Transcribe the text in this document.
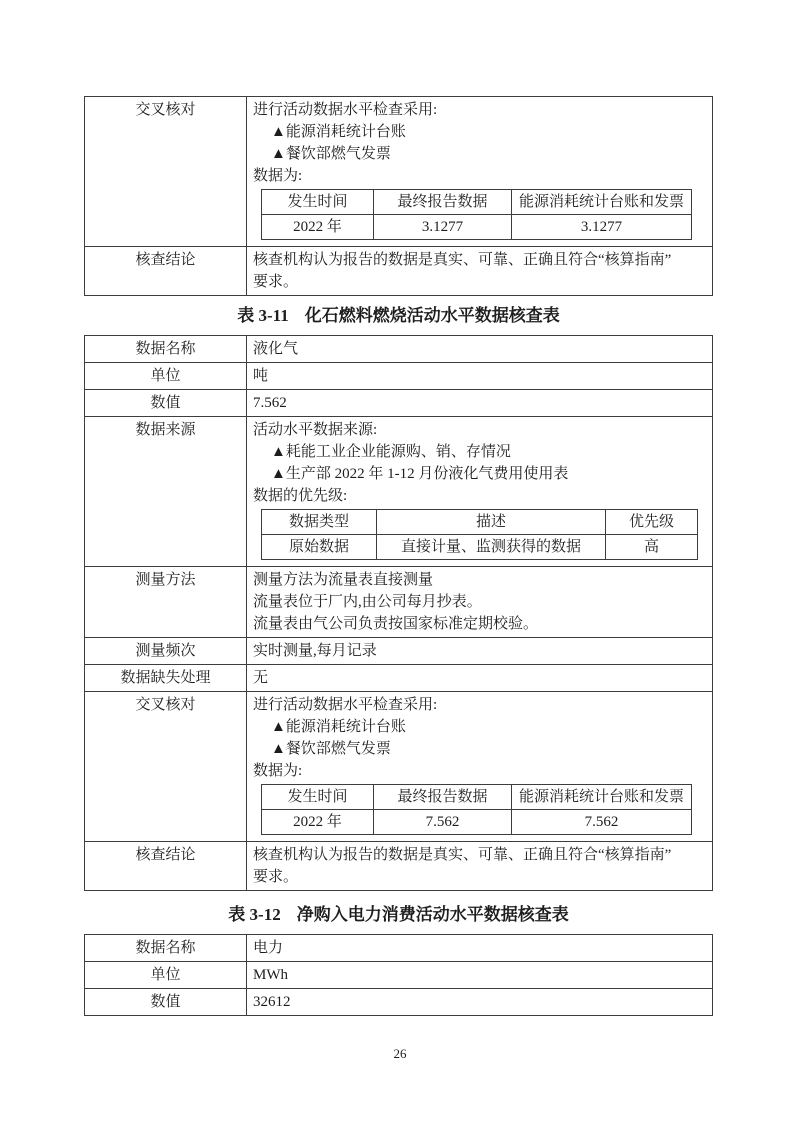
交叉核对	进行活动数据水平检查采用:
▲能源消耗统计台账
▲餐饮部燃气发票
数据为:
发生时间	最终报告数据	能源消耗统计台账和发票
2022 年	3.1277	3.1277

核查结论	核查机构认为报告的数据是真实、可靠、正确且符合“核算指南”
要求。
表 3-11 化石燃料燃烧活动水平数据核查表
数据名称	液化气
单位	吨
数值	7.562
数据来源	活动水平数据来源:
▲耗能工业企业能源购、销、存情况
▲生产部 2022 年 1-12 月份液化气费用使用表
数据的优先级:
数据类型	描述	优先级
原始数据	直接计量、监测获得的数据	高

测量方法	测量方法为流量表直接测量
流量表位于厂内,由公司每月抄表。
流量表由气公司负责按国家标准定期校验。

测量频次	实时测量,每月记录
数据缺失处理	无
交叉核对	进行活动数据水平检查采用:
▲能源消耗统计台账
▲餐饮部燃气发票
数据为:
发生时间	最终报告数据	能源消耗统计台账和发票
2022 年	7.562	7.562

核查结论	核查机构认为报告的数据是真实、可靠、正确且符合“核算指南”
要求。
表 3-12 净购入电力消费活动水平数据核查表
数据名称	电力
单位	MWh
数值	32612
26
